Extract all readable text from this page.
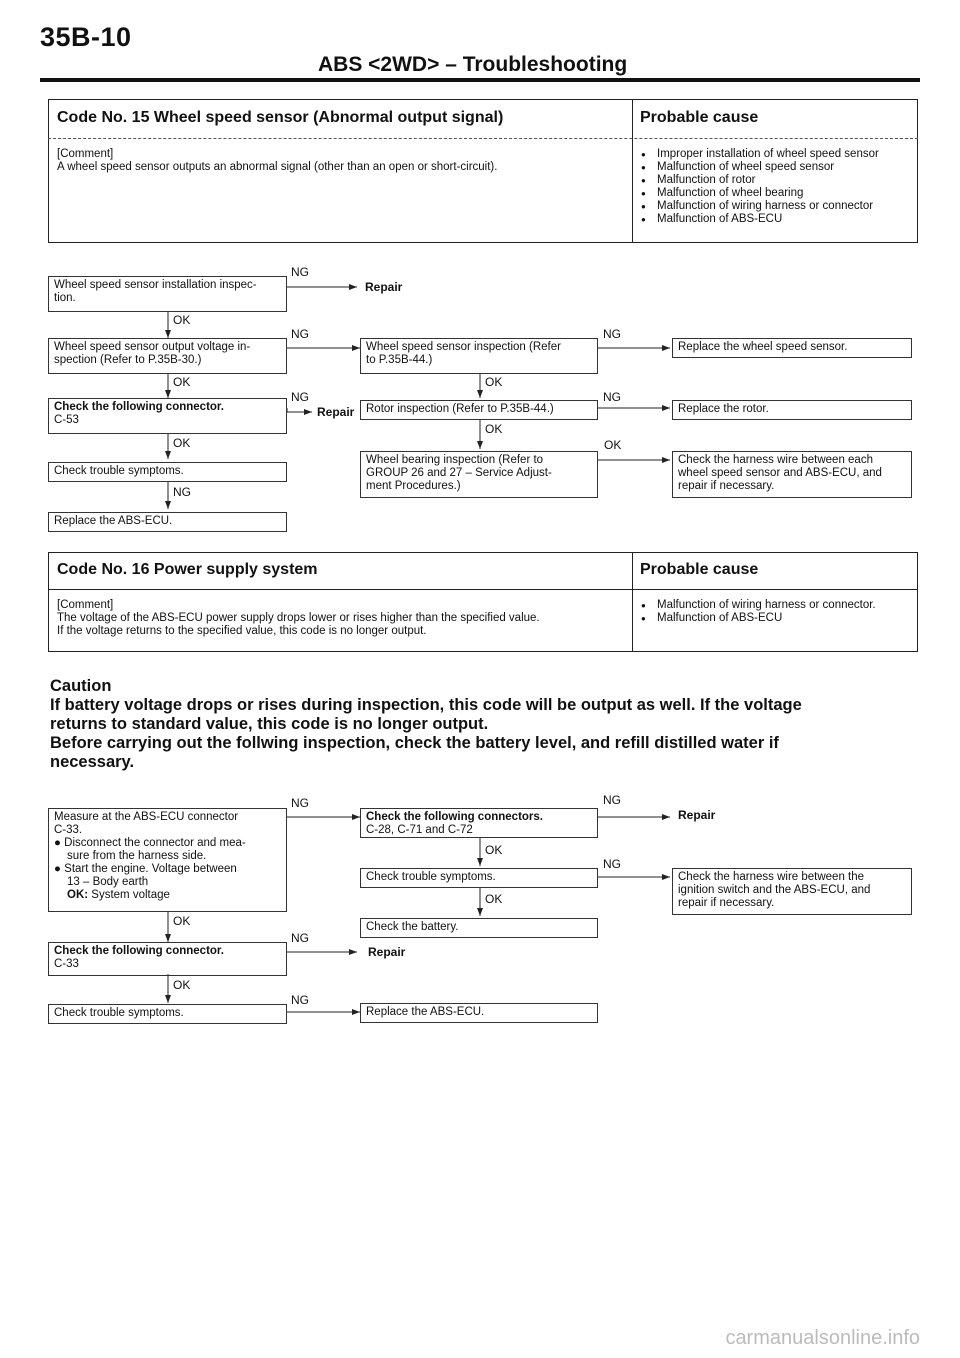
35B-10
ABS <2WD> – Troubleshooting
Code No. 15 Wheel speed sensor (Abnormal output signal)	Probable cause
[Comment]
A wheel speed sensor outputs an abnormal signal (other than an open or short-circuit).
● Improper installation of wheel speed sensor
● Malfunction of wheel speed sensor
● Malfunction of rotor
● Malfunction of wheel bearing
● Malfunction of wiring harness or connector
● Malfunction of ABS-ECU
Wheel speed sensor installation inspec-
tion.
Wheel speed sensor output voltage in-
spection (Refer to P.35B-30.)
Check the following connector.
C-53
Check trouble symptoms.
Replace the ABS-ECU.
Wheel speed sensor inspection (Refer
to P.35B-44.)
Rotor inspection (Refer to P.35B-44.)
Wheel bearing inspection (Refer to
GROUP 26 and 27 – Service Adjust-
ment Procedures.)
Replace the wheel speed sensor.
Replace the rotor.
Check the harness wire between each
wheel speed sensor and ABS-ECU, and
repair if necessary.
NG
Repair
OK
NG	NG
OK	OK
NG
Repair
NG
OK
OK	OK
NG
Code No. 16 Power supply system	Probable cause
[Comment]
The voltage of the ABS-ECU power supply drops lower or rises higher than the specified value.
If the voltage returns to the specified value, this code is no longer output.
● Malfunction of wiring harness or connector.
● Malfunction of ABS-ECU
Caution
If battery voltage drops or rises during inspection, this code will be output as well. If the voltage
returns to standard value, this code is no longer output.
Before carrying out the follwing inspection, check the battery level, and refill distilled water if
necessary.
Measure at the ABS-ECU connector
C-33.
● Disconnect the connector and mea-
sure from the harness side.
● Start the engine. Voltage between
13 – Body earth
OK: System voltage
Check the following connector.
C-33
Check trouble symptoms.
Check the following connectors.
C-28, C-71 and C-72
Check trouble symptoms.
Check the battery.
Replace the ABS-ECU.
Check the harness wire between the
ignition switch and the ABS-ECU, and
repair if necessary.
NG	NG
Repair
OK
NG
OK
OK
NG
Repair
OK
NG
carmanualsonline.info
